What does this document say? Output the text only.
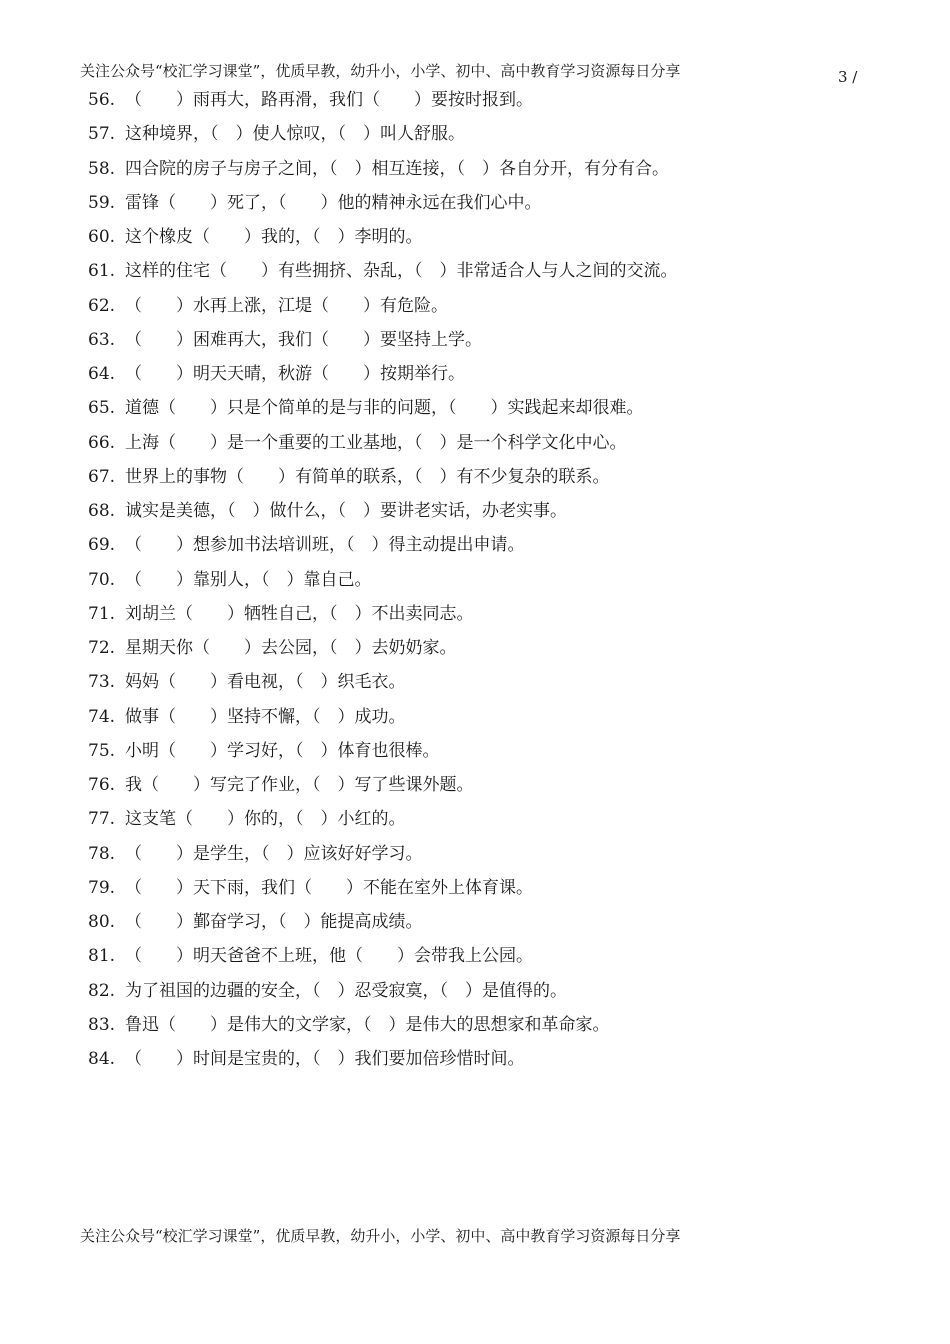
关注公众号“校汇学习课堂”，优质早教，幼升小，小学、初中、高中教育学习资源每日分享	3 /
56. （　　）雨再大，路再滑，我们（　　）要按时报到。
57. 这种境界，（　）使人惊叹，（　）叫人舒服。
58. 四合院的房子与房子之间，（　）相互连接，（　）各自分开，有分有合。
59. 雷锋（　　）死了，（　　）他的精神永远在我们心中。
60. 这个橡皮（　　）我的，（　）李明的。
61. 这样的住宅（　　）有些拥挤、杂乱，（　）非常适合人与人之间的交流。
62. （　　）水再上涨，江堤（　　）有危险。
63. （　　）困难再大，我们（　　）要坚持上学。
64. （　　）明天天晴，秋游（　　）按期举行。
65. 道德（　　）只是个简单的是与非的问题，（　　）实践起来却很难。
66. 上海（　　）是一个重要的工业基地，（　）是一个科学文化中心。
67. 世界上的事物（　　）有简单的联系，（　）有不少复杂的联系。
68. 诚实是美德，（　）做什么，（　）要讲老实话，办老实事。
69. （　　）想参加书法培训班，（　）得主动提出申请。
70. （　　）靠别人，（　）靠自己。
71. 刘胡兰（　　）牺牲自己，（　）不出卖同志。
72. 星期天你（　　）去公园，（　）去奶奶家。
73. 妈妈（　　）看电视，（　）织毛衣。
74. 做事（　　）坚持不懈，（　）成功。
75. 小明（　　）学习好，（　）体育也很棒。
76. 我（　　）写完了作业，（　）写了些课外题。
77. 这支笔（　　）你的，（　）小红的。
78. （　　）是学生，（　）应该好好学习。
79. （　　）天下雨，我们（　　）不能在室外上体育课。
80. （　　）鄞奋学习，（　）能提高成绩。
81. （　　）明天爸爸不上班，他（　　）会带我上公园。
82. 为了祖国的边疆的安全，（　）忍受寂寞，（　）是值得的。
83. 鲁迅（　　）是伟大的文学家，（　）是伟大的思想家和革命家。
84. （　　）时间是宝贵的，（　）我们要加倍珍惜时间。
关注公众号“校汇学习课堂”，优质早教，幼升小，小学、初中、高中教育学习资源每日分享
